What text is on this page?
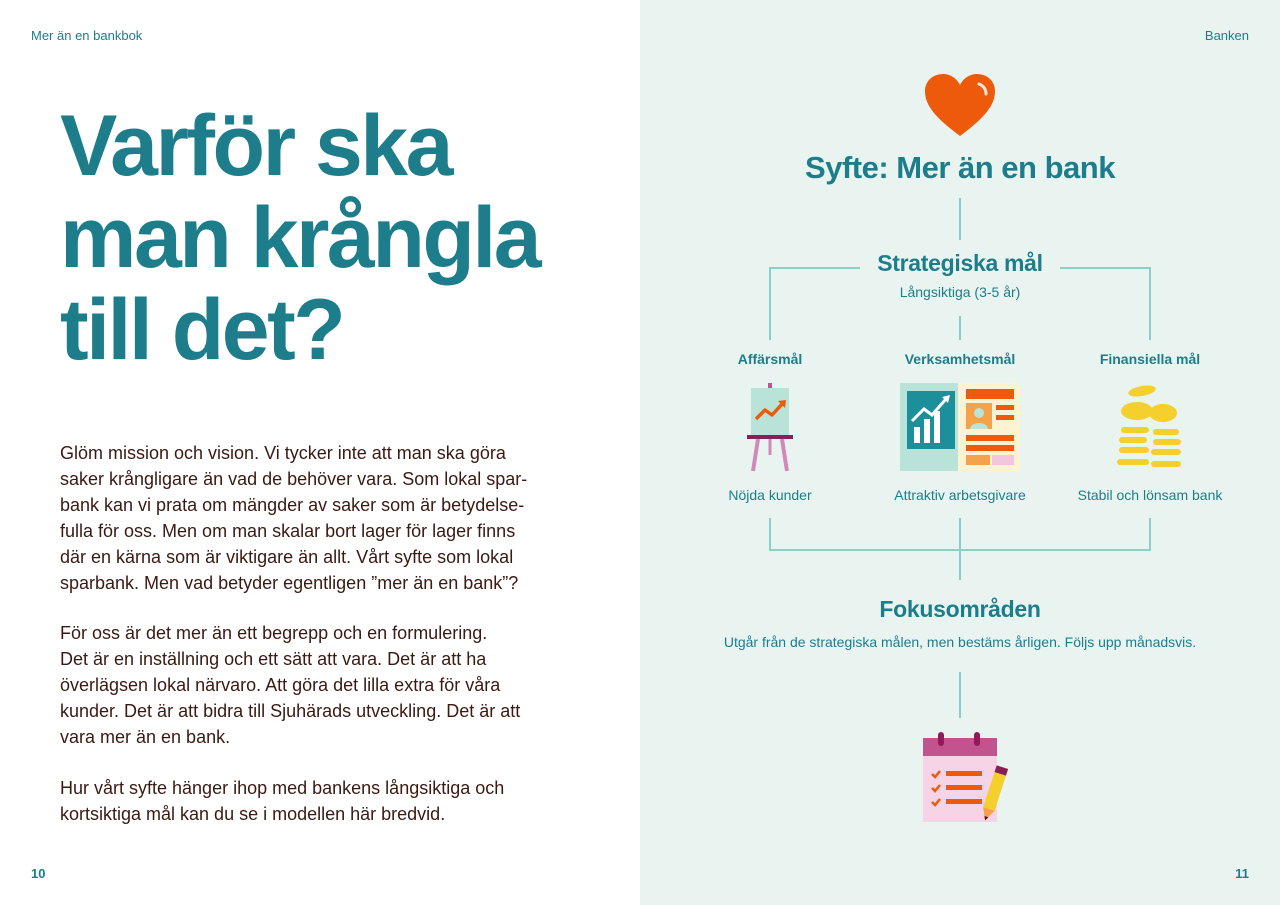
Mer än en bankbok
Varför ska
man krångla
till det?
Glöm mission och vision. Vi tycker inte att man ska göra
saker krångligare än vad de behöver vara. Som lokal spar-
bank kan vi prata om mängder av saker som är betydelse-
fulla för oss. Men om man skalar bort lager för lager finns
där en kärna som är viktigare än allt. Vårt syfte som lokal
sparbank. Men vad betyder egentligen ”mer än en bank”?
För oss är det mer än ett begrepp och en formulering.
Det är en inställning och ett sätt att vara. Det är att ha
överlägsen lokal närvaro. Att göra det lilla extra för våra
kunder. Det är att bidra till Sjuhärads utveckling. Det är att
vara mer än en bank.
Hur vårt syfte hänger ihop med bankens långsiktiga och
kortsiktiga mål kan du se i modellen här bredvid.
10
Banken
Syfte: Mer än en bank
Strategiska mål
Långsiktiga (3-5 år)
Affärsmål	Verksamhetsmål	Finansiella mål
Nöjda kunder	Attraktiv arbetsgivare	Stabil och lönsam bank
Fokusområden
Utgår från de strategiska målen, men bestäms årligen. Följs upp månadsvis.
11
